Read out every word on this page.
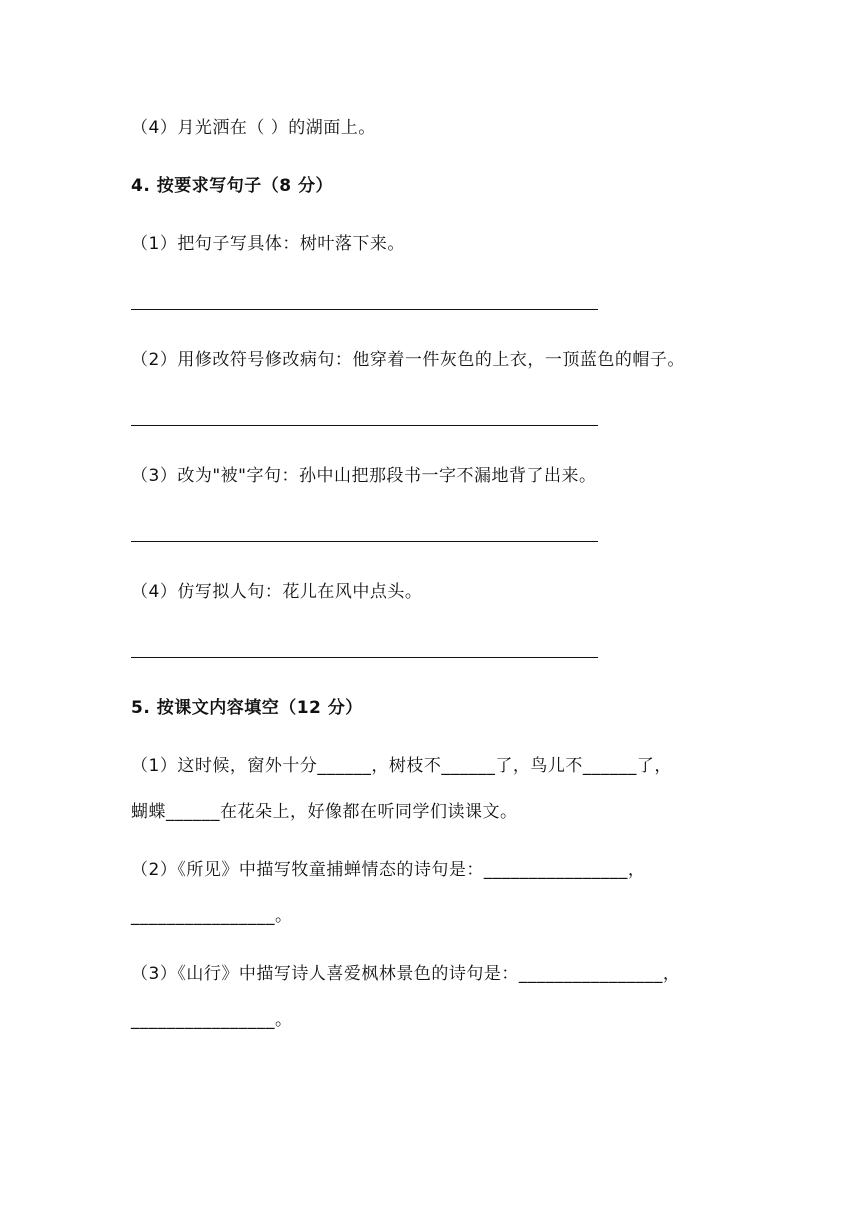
（4）月光洒在（ ）的湖面上。
4. 按要求写句子（8 分）
（1）把句子写具体：树叶落下来。
（2）用修改符号修改病句：他穿着一件灰色的上衣，一顶蓝色的帽子。
（3）改为"被"字句：孙中山把那段书一字不漏地背了出来。
（4）仿写拟人句：花儿在风中点头。
5. 按课文内容填空（12 分）
（1）这时候，窗外十分______，树枝不______了，鸟儿不______了，
蝴蝶______在花朵上，好像都在听同学们读课文。
（2）《所见》中描写牧童捕蝉情态的诗句是：________________，
________________。
（3）《山行》中描写诗人喜爱枫林景色的诗句是：________________，
________________。
